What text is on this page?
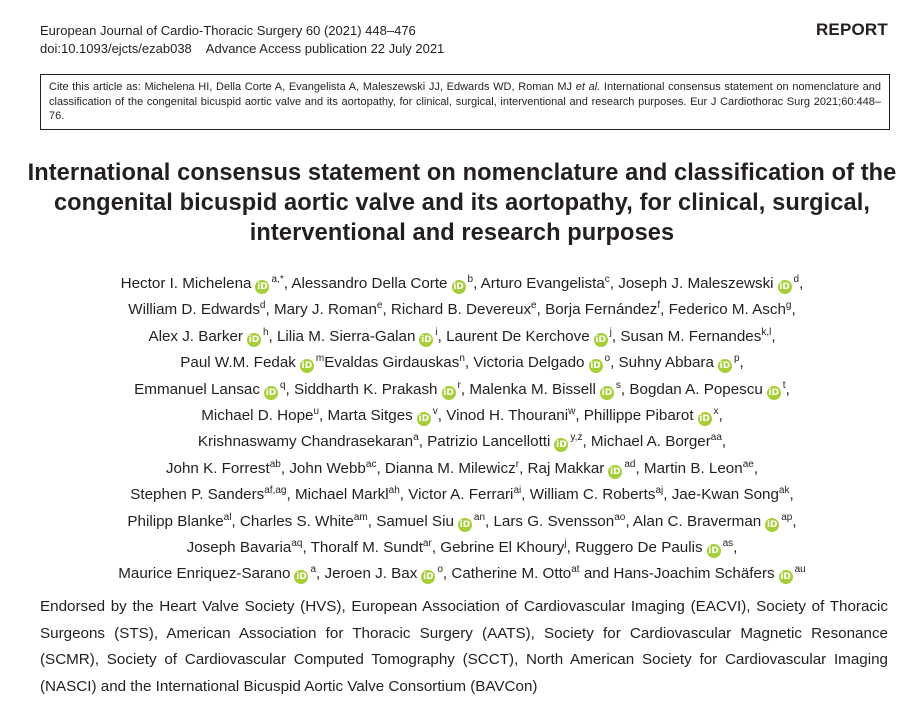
European Journal of Cardio-Thoracic Surgery 60 (2021) 448–476
doi:10.1093/ejcts/ezab038 Advance Access publication 22 July 2021
REPORT
Cite this article as: Michelena HI, Della Corte A, Evangelista A, Maleszewski JJ, Edwards WD, Roman MJ et al. International consensus statement on nomenclature and classification of the congenital bicuspid aortic valve and its aortopathy, for clinical, surgical, interventional and research purposes. Eur J Cardiothorac Surg 2021;60:448–76.
International consensus statement on nomenclature and classification of the congenital bicuspid aortic valve and its aortopathy, for clinical, surgical, interventional and research purposes
Hector I. Michelena $iD^{a,*}$, Alessandro Della Corte $iD^b$, Arturo Evangelista$^c$, Joseph J. Maleszewski $iD^d$,
William D. Edwards$^d$, Mary J. Roman$^e$, Richard B. Devereux$^e$, Borja Fernández$^f$, Federico M. Asch$^g$,
Alex J. Barker $iD^h$, Lilia M. Sierra-Galan $iD^i$, Laurent De Kerchove $iD^j$, Susan M. Fernandes$^{k,l}$,
Paul W.M. Fedak $iD^mEvaldas$ Girdauskas$^n$, Victoria Delgado $iD^o$, Suhny Abbara $iD^p$,
Emmanuel Lansac $iD^q$, Siddharth K. Prakash $iD^r$, Malenka M. Bissell $iD^s$, Bogdan A. Popescu $iD^t$,
Michael D. Hope$^u$, Marta Sitges $iD^v$, Vinod H. Thourani$^w$, Phillippe Pibarot $iD^x$,
Krishnaswamy Chandrasekaran$^a$, Patrizio Lancellotti iD$^{y,z}$, Michael A. Borger$^{aa}$,
John K. Forrest$^{ab}$, John Webb$^{ac}$, Dianna M. Milewicz$^r$, Raj Makkar $iD^{ad}$, Martin B. Leon$^{ae}$,
Stephen P. Sanders$^{af,ag}$, Michael Markl$^{ah}$, Victor A. Ferrari$^{ai}$, William C. Roberts$^{aj}$, Jae-Kwan Song$^{ak}$,
Philipp Blanke$^{al}$, Charles S. White$^{am}$, Samuel Siu $iD^{an}$, Lars G. Svensson$^{ao}$, Alan C. Braverman $iD^{ap}$,
Joseph Bavaria$^{aq}$, Thoralf M. Sundt$^{ar}$, Gebrine El Khoury$^j$, Ruggero De Paulis $iD^{as}$,
Maurice Enriquez-Sarano $iD^a$, Jeroen J. Bax $iD^o$, Catherine M. Otto$^{at}$ and Hans-Joachim Schäfers $iD^{au}$
Endorsed by the Heart Valve Society (HVS), European Association of Cardiovascular Imaging (EACVI), Society of Thoracic Surgeons (STS), American Association for Thoracic Surgery (AATS), Society for Cardiovascular Magnetic Resonance (SCMR), Society of Cardiovascular Computed Tomography (SCCT), North American Society for Cardiovascular Imaging (NASCI) and the International Bicuspid Aortic Valve Consortium (BAVCon)
